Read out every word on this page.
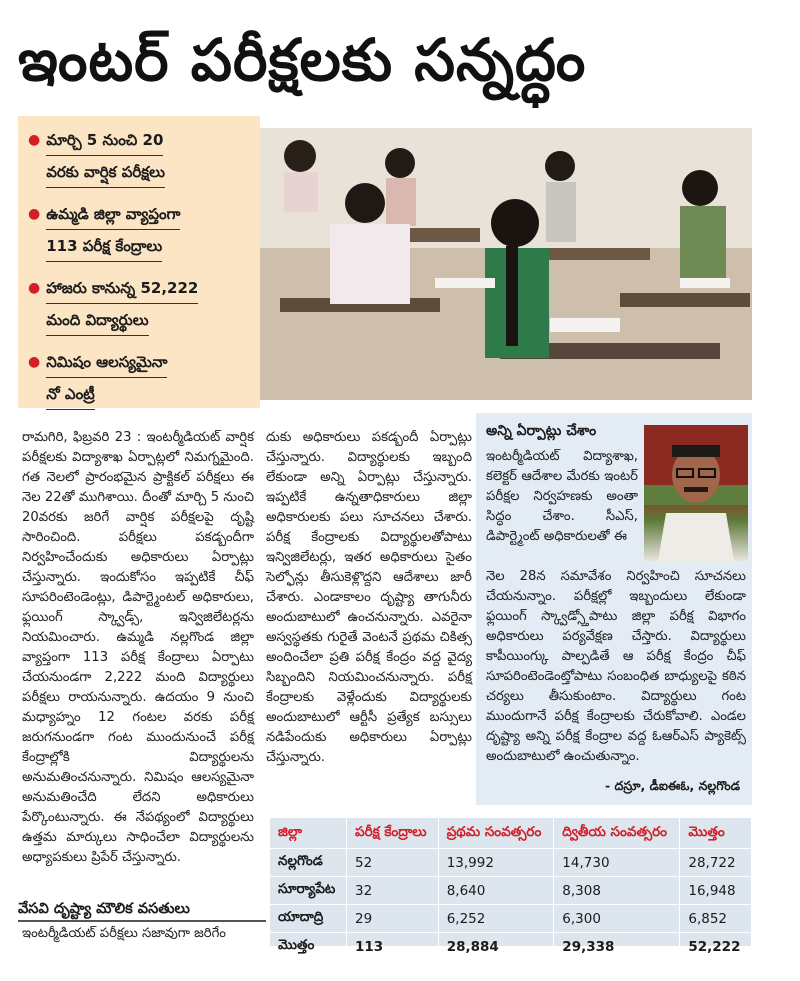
ఇంటర్ పరీక్షలకు సన్నద్ధం
● మార్చి 5 నుంచి 20
వరకు వార్షిక పరీక్షలు
● ఉమ్మడి జిల్లా వ్యాప్తంగా
113 పరీక్ష కేంద్రాలు
● హాజరు కానున్న 52,222
మంది విద్యార్థులు
● నిమిషం ఆలస్యమైనా
నో ఎంట్రీ
రామగిరి, ఫిబ్రవరి 23 : ఇంటర్మీడియట్ వార్షిక పరీక్షలకు విద్యాశాఖ ఏర్పాట్లలో నిమగ్నమైంది. గత నెలలో ప్రారంభమైన ప్రాక్టికల్ పరీక్షలు ఈ నెల 22తో ముగిశాయి. దీంతో మార్చి 5 నుంచి 20వరకు జరిగే వార్షిక పరీక్షలపై దృష్టి సారించింది. పరీక్షలు పకడ్బందీగా నిర్వహించేందుకు అధికారులు ఏర్పాట్లు చేస్తున్నారు. ఇందుకోసం ఇప్పటికే చీఫ్ సూపరింటెండెంట్లు, డిపార్ట్మెంటల్ అధికారులు, ఫ్లయింగ్ స్క్వాడ్స్, ఇన్విజిలేటర్లను నియమించారు. ఉమ్మడి నల్లగొండ జిల్లా వ్యాప్తంగా 113 పరీక్ష కేంద్రాలు ఏర్పాటు చేయనుండగా 2,222 మంది విద్యార్థులు పరీక్షలు రాయనున్నారు. ఉదయం 9 నుంచి మధ్యాహ్నం 12 గంటల వరకు పరీక్ష జరుగనుండగా గంట ముందునుంచే పరీక్ష కేంద్రాల్లోకి విద్యార్థులను అనుమతించనున్నారు. నిమిషం ఆలస్యమైనా అనుమతించేది లేదని అధికారులు పేర్కొంటున్నారు. ఈ నేపథ్యంలో విద్యార్థులు ఉత్తమ మార్కులు సాధించేలా విద్యార్థులను అధ్యాపకులు ప్రిపేర్ చేస్తున్నారు.
దుకు అధికారులు పకడ్బందీ ఏర్పాట్లు చేస్తున్నారు. విద్యార్థులకు ఇబ్బంది లేకుండా అన్ని ఏర్పాట్లు చేస్తున్నారు. ఇప్పటికే ఉన్నతాధికారులు జిల్లా అధికారులకు పలు సూచనలు చేశారు. పరీక్ష కేంద్రాలకు విద్యార్థులతోపాటు ఇన్విజిలేటర్లు, ఇతర అధికారులు సైతం సెల్ఫోన్లు తీసుకెళ్లొద్దని ఆదేశాలు జారీ చేశారు. ఎండాకాలం దృష్ట్యా తాగునీరు అందుబాటులో ఉంచనున్నారు. ఎవరైనా అస్వస్థతకు గురైతే వెంటనే ప్రథమ చికిత్స అందించేలా ప్రతి పరీక్ష కేంద్రం వద్ద వైద్య సిబ్బందిని నియమించనున్నారు. పరీక్ష కేంద్రాలకు వెళ్లేందుకు విద్యార్థులకు అందుబాటులో ఆర్టీసీ ప్రత్యేక బస్సులు నడిపేందుకు అధికారులు ఏర్పాట్లు చేస్తున్నారు.
వేసవి దృష్ట్యా మౌలిక వసతులు
ఇంటర్మీడియట్ పరీక్షలు సజావుగా జరిగేం
అన్ని ఏర్పాట్లు చేశాం
ఇంటర్మీడియట్ విద్యాశాఖ, కలెక్టర్ ఆదేశాల మేరకు ఇంటర్ పరీక్షల నిర్వహణకు అంతా సిద్ధం చేశాం. సీఎస్, డిపార్ట్మెంట్ అధికారులతో ఈ
నెల 28న సమావేశం నిర్వహించి సూచనలు చేయనున్నాం. పరీక్షల్లో ఇబ్బందులు లేకుండా ఫ్లయింగ్ స్క్వాడ్స్తోపాటు జిల్లా పరీక్ష విభాగం అధికారులు పర్యవేక్షణ చేస్తారు. విద్యార్థులు కాపీయింగ్కు పాల్పడితే ఆ పరీక్ష కేంద్రం చీఫ్ సూపరింటెండెంట్తోపాటు సంబంధిత బాధ్యులపై కఠిన చర్యలు తీసుకుంటాం. విద్యార్థులు గంట ముందుగానే పరీక్ష కేంద్రాలకు చేరుకోవాలి. ఎండల దృష్ట్యా అన్ని పరీక్ష కేంద్రాల వద్ద ఓఆర్ఎస్ ప్యాకెట్స్ అందుబాటులో ఉంచుతున్నాం.
- దస్రూ, డీఐఈఓ, నల్లగొండ
జిల్లా	పరీక్ష కేంద్రాలు	ప్రథమ సంవత్సరం	ద్వితీయ సంవత్సరం	మొత్తం
నల్లగొండ	52	13,992	14,730	28,722
సూర్యాపేట	32	8,640	8,308	16,948
యాదాద్రి	29	6,252	6,300	6,852
మొత్తం	113	28,884	29,338	52,222
